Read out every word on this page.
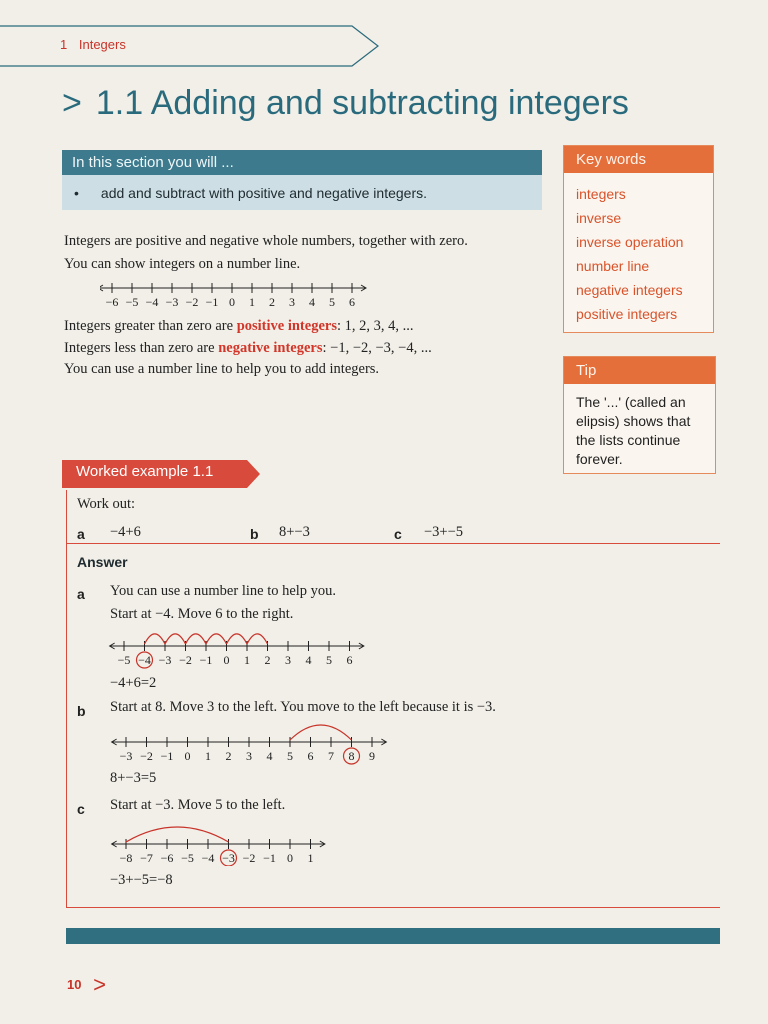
1 Integers
> 1.1 Adding and subtracting integers
In this section you will ...
• add and subtract with positive and negative integers.
Key words
integers
inverse
inverse operation
number line
negative integers
positive integers
Tip
The '...' (called an elipsis) shows that the lists continue forever.
Integers are positive and negative whole numbers, together with zero.
You can show integers on a number line.
−6 −5 −4 −3 −2 −1 0 1 2 3 4 5 6
Integers greater than zero are positive integers: 1, 2, 3, 4, ...
Integers less than zero are negative integers: −1, −2, −3, −4, ...
You can use a number line to help you to add integers.
Worked example 1.1
Work out:
a −4+6	b 8+−3	c −3+−5
Answer
a You can use a number line to help you.
Start at −4. Move 6 to the right.
−5 −4 −3 −2 −1 0 1 2 3 4 5 6
−4+6=2
b Start at 8. Move 3 to the left. You move to the left because it is −3.
−3 −2 −1 0 1 2 3 4 5 6 7 8 9
8+−3=5
c Start at −3. Move 5 to the left.
−8 −7 −6 −5 −4 −3 −2 −1 0 1
−3+−5=−8
10 >
